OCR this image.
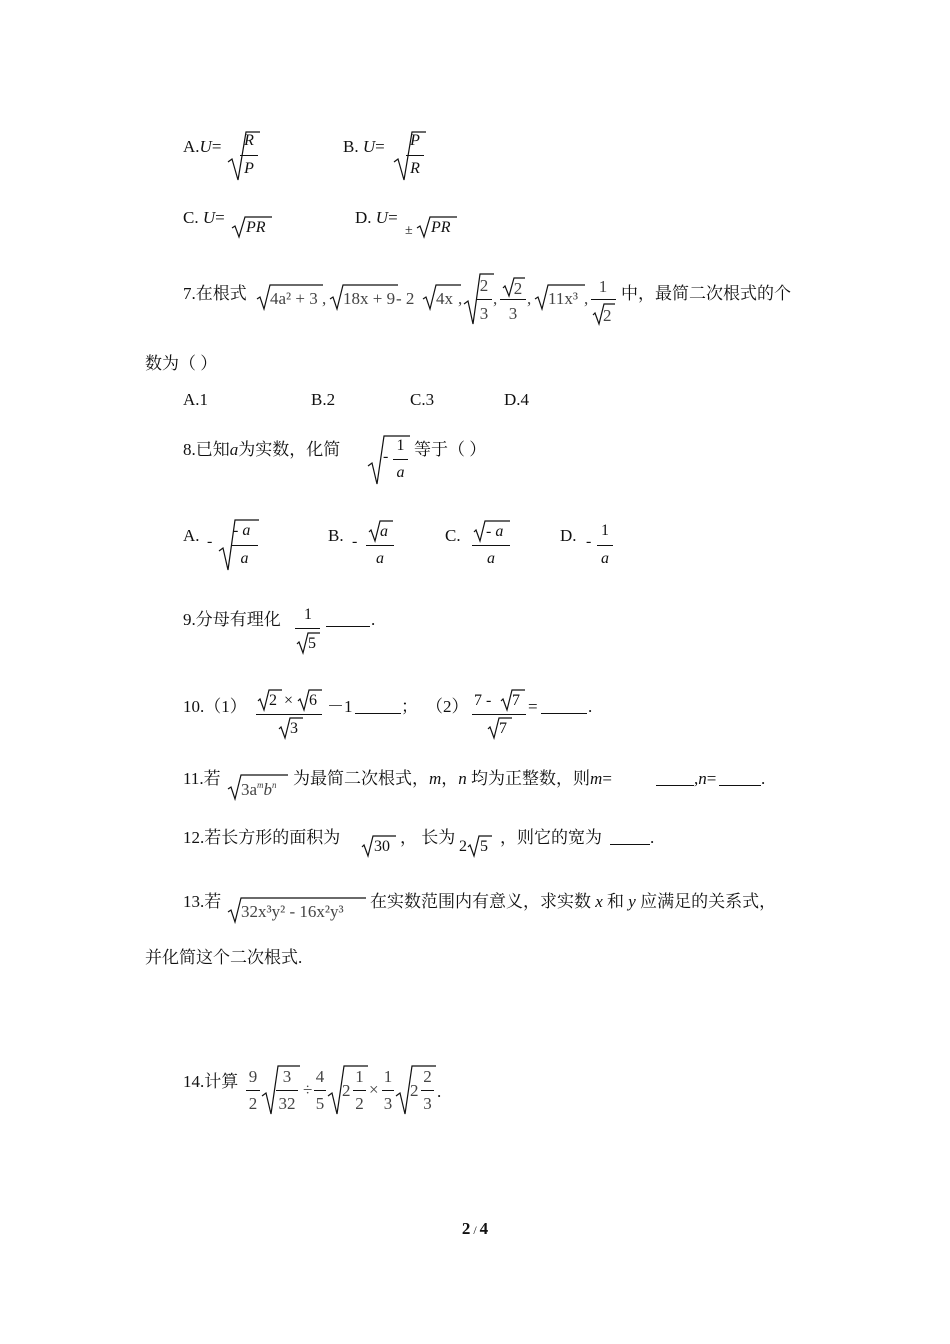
A.U= R
P
B. U= P
R
C. U=
PR
D. U=
± PR
7.在根式 4a² + 3 , 18x + 9 - 2 4x ,
2
3
,
2
3
, 11x³ ,
1
2
中，最简二次根式的个
数为（ ）
A.1	B.2	C.3	D.4
8.已知a为实数，化简	-
1
a
等于（ ）
A. -
- a
a
B. -
a
a
C. - a
a
D. -
1
a
9.分母有理化	1
5
.
10.（1） 2 × 6
3
－1	； （2） 7 - 7
7
=	.
11.若
$3a^mb^n$ 为最简二次根式，m，n 均为正整数，则m=	,n=	.
12.若长方形的面积为 30 ， 长为 2 5 ，则它的宽为	.
13.若
32x³y² - 16x²y³
在实数范围内有意义，求实数 x 和 y 应满足的关系式，
并化简这个二次根式.
14.计算 9
2
3
32
÷
4
5
2
1
2
×
1
3
2
2
3
.
2 / 4
